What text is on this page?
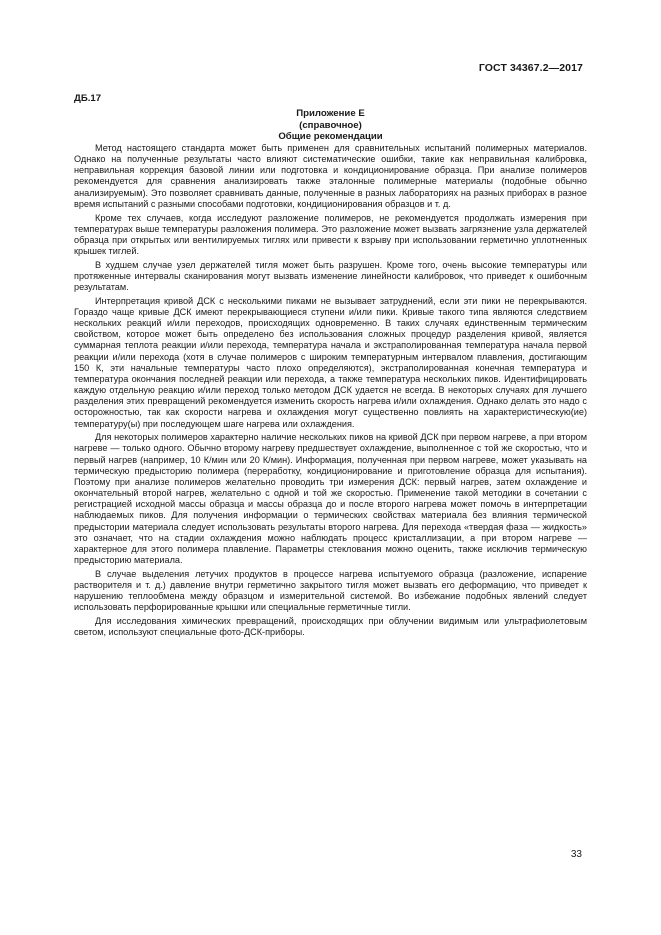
ГОСТ 34367.2—2017
ДБ.17
Приложение Е
(справочное)
Общие рекомендации

Метод настоящего стандарта может быть применен для сравнительных испытаний полимерных материалов. Однако на полученные результаты часто влияют систематические ошибки, такие как неправильная калибровка, неправильная коррекция базовой линии или подготовка и кондиционирование образца. При анализе полимеров рекомендуется для сравнения анализировать также эталонные полимерные материалы (подобные обычно анализируемым). Это позволяет сравнивать данные, полученные в разных лабораториях на разных приборах в разное время испытаний с разными способами подготовки, кондиционирования образцов и т. д.

Кроме тех случаев, когда исследуют разложение полимеров, не рекомендуется продолжать измерения при температурах выше температуры разложения полимера. Это разложение может вызвать загрязнение узла держателей образца при открытых или вентилируемых тиглях или привести к взрыву при использовании герметично уплотненных крышек тиглей.

В худшем случае узел держателей тигля может быть разрушен. Кроме того, очень высокие температуры или протяженные интервалы сканирования могут вызвать изменение линейности калибровок, что приведет к ошибочным результатам.

Интерпретация кривой ДСК с несколькими пиками не вызывает затруднений, если эти пики не перекрываются. Гораздо чаще кривые ДСК имеют перекрывающиеся ступени и/или пики. Кривые такого типа являются следствием нескольких реакций и/или переходов, происходящих одновременно. В таких случаях единственным термическим свойством, которое может быть определено без использования сложных процедур разделения кривой, является суммарная теплота реакции и/или перехода, температура начала и экстраполированная температура начала первой реакции и/или перехода (хотя в случае полимеров с широким температурным интервалом плавления, достигающим 150 К, эти начальные температуры часто плохо определяются), экстраполированная конечная температура и температура окончания последней реакции или перехода, а также температура нескольких пиков. Идентифицировать каждую отдельную реакцию и/или переход только методом ДСК удается не всегда. В некоторых случаях для лучшего разделения этих превращений рекомендуется изменить скорость нагрева и/или охлаждения. Однако делать это надо с осторожностью, так как скорости нагрева и охлаждения могут существенно повлиять на характеристическую(ие) температуру(ы) при последующем шаге нагрева или охлаждения.

Для некоторых полимеров характерно наличие нескольких пиков на кривой ДСК при первом нагреве, а при втором нагреве — только одного. Обычно второму нагреву предшествует охлаждение, выполненное с той же скоростью, что и первый нагрев (например, 10 К/мин или 20 К/мин). Информация, полученная при первом нагреве, может указывать на термическую предысторию полимера (переработку, кондиционирование и приготовление образца для испытания). Поэтому при анализе полимеров желательно проводить три измерения ДСК: первый нагрев, затем охлаждение и окончательный второй нагрев, желательно с одной и той же скоростью. Применение такой методики в сочетании с регистрацией исходной массы образца и массы образца до и после второго нагрева может помочь в интерпретации наблюдаемых пиков. Для получения информации о термических свойствах материала без влияния термической предыстории материала следует использовать результаты второго нагрева. Для перехода «твердая фаза — жидкость» это означает, что на стадии охлаждения можно наблюдать процесс кристаллизации, а при втором нагреве — характерное для этого полимера плавление. Параметры стеклования можно оценить, также исключив термическую предысторию материала.

В случае выделения летучих продуктов в процессе нагрева испытуемого образца (разложение, испарение растворителя и т. д.) давление внутри герметично закрытого тигля может вызвать его деформацию, что приведет к нарушению теплообмена между образцом и измерительной системой. Во избежание подобных явлений следует использовать перфорированные крышки или специальные герметичные тигли.

Для исследования химических превращений, происходящих при облучении видимым или ультрафиолетовым светом, используют специальные фото-ДСК-приборы.

33
